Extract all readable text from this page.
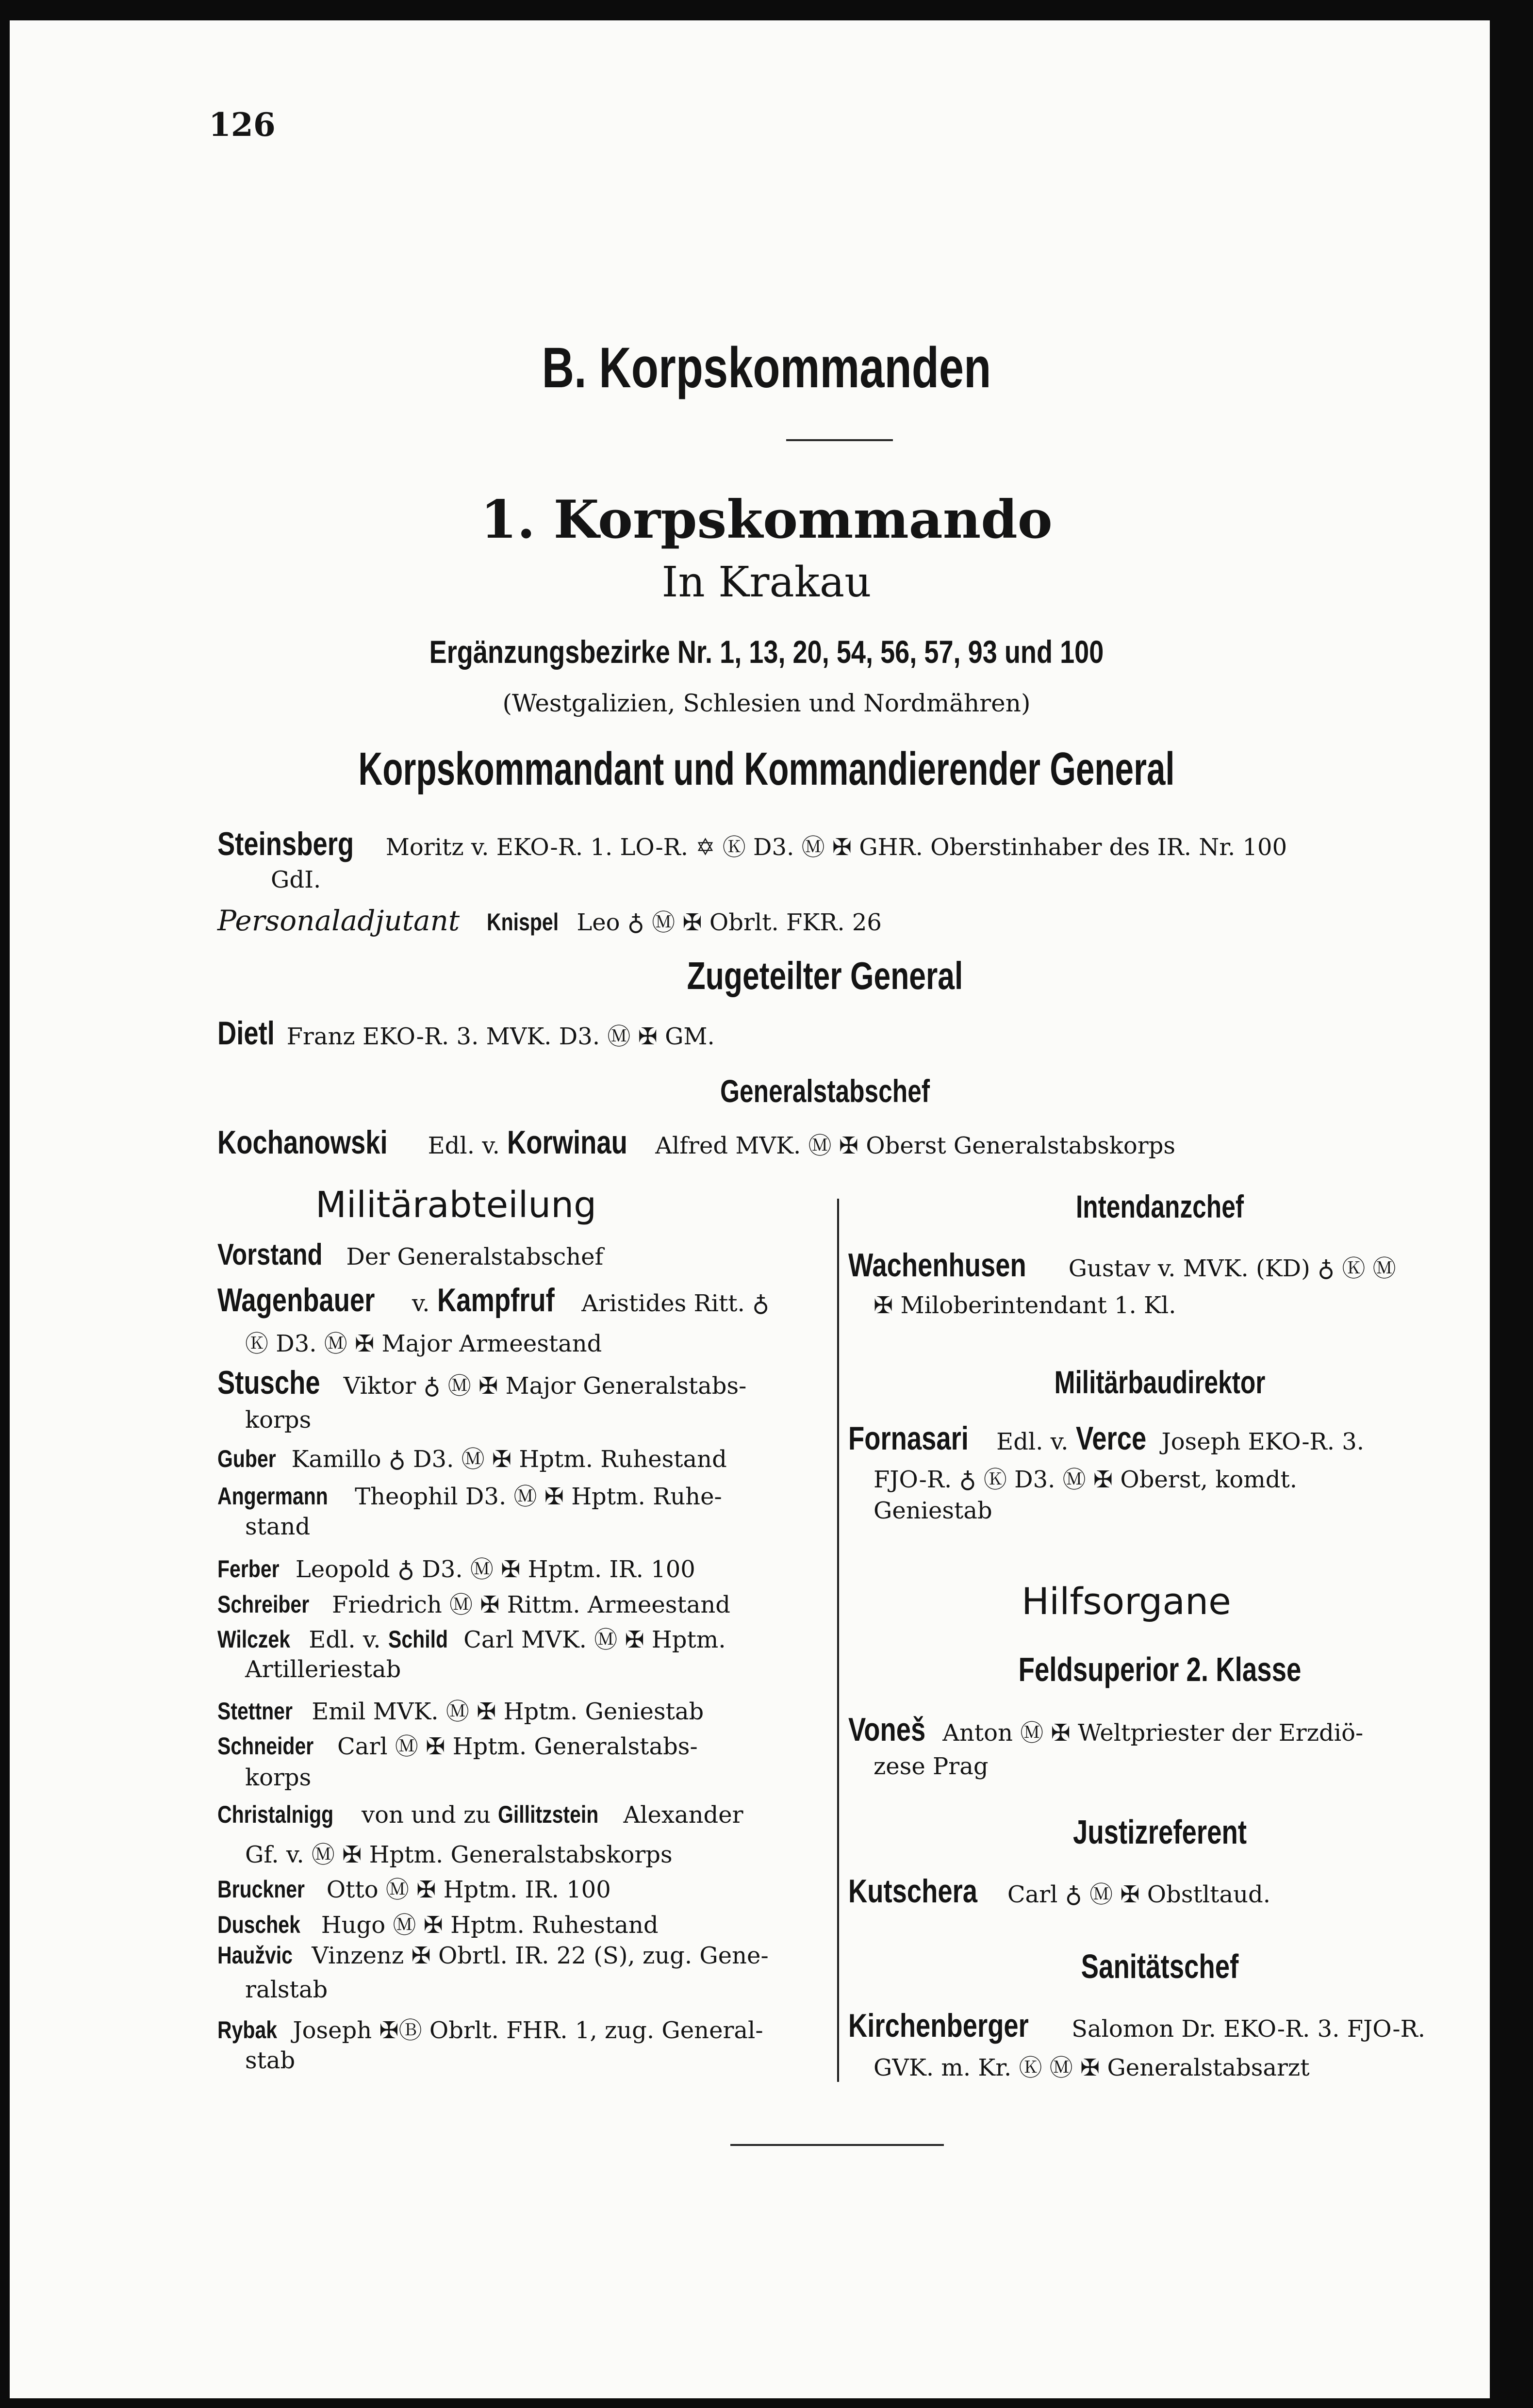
126
B. Korpskommanden
1. Korpskommando
In Krakau
Ergänzungsbezirke Nr. 1, 13, 20, 54, 56, 57, 93 und 100
(Westgalizien, Schlesien und Nordmähren)
Korpskommandant und Kommandierender General
Steinsberg Moritz v. EKO-R. 1. LO-R. ✡ Ⓚ D3. Ⓜ ✠ GHR. Oberstinhaber des IR. Nr. 100
GdI.
Personaladjutant Knispel Leo ♁ Ⓜ ✠ Obrlt. FKR. 26
Zugeteilter General
Dietl Franz EKO-R. 3. MVK. D3. Ⓜ ✠ GM.
Generalstabschef
Kochanowski Edl. v. Korwinau Alfred MVK. Ⓜ ✠ Oberst Generalstabskorps
Militärabteilung
Vorstand Der Generalstabschef
Wagenbauer v. Kampfruf Aristides Ritt. ♁
Ⓚ D3. Ⓜ ✠ Major Armeestand
Stusche Viktor ♁ Ⓜ ✠ Major Generalstabs-
korps
Guber Kamillo ♁ D3. Ⓜ ✠ Hptm. Ruhestand
Angermann Theophil D3. Ⓜ ✠ Hptm. Ruhe-
stand
Ferber Leopold ♁ D3. Ⓜ ✠ Hptm. IR. 100
Schreiber Friedrich Ⓜ ✠ Rittm. Armeestand
Wilczek Edl. v. Schild Carl MVK. Ⓜ ✠ Hptm.
Artilleriestab
Stettner Emil MVK. Ⓜ ✠ Hptm. Geniestab
Schneider Carl Ⓜ ✠ Hptm. Generalstabs-
korps
Christalnigg von und zu Gillitzstein Alexander
Gf. v. Ⓜ ✠ Hptm. Generalstabskorps
Bruckner Otto Ⓜ ✠ Hptm. IR. 100
Duschek Hugo Ⓜ ✠ Hptm. Ruhestand
Haužvic Vinzenz ✠ Obrtl. IR. 22 (S), zug. Gene-
ralstab
Rybak Joseph ✠Ⓑ Obrlt. FHR. 1, zug. General-
stab
Intendanzchef
Wachenhusen Gustav v. MVK. (KD) ♁ Ⓚ Ⓜ
✠ Miloberintendant 1. Kl.
Militärbaudirektor
Fornasari Edl. v. Verce Joseph EKO-R. 3.
FJO-R. ♁ Ⓚ D3. Ⓜ ✠ Oberst, komdt.
Geniestab
Hilfsorgane
Feldsuperior 2. Klasse
Voneš Anton Ⓜ ✠ Weltpriester der Erzdiö-
zese Prag
Justizreferent
Kutschera Carl ♁ Ⓜ ✠ Obstltaud.
Sanitätschef
Kirchenberger Salomon Dr. EKO-R. 3. FJO-R.
GVK. m. Kr. Ⓚ Ⓜ ✠ Generalstabsarzt
